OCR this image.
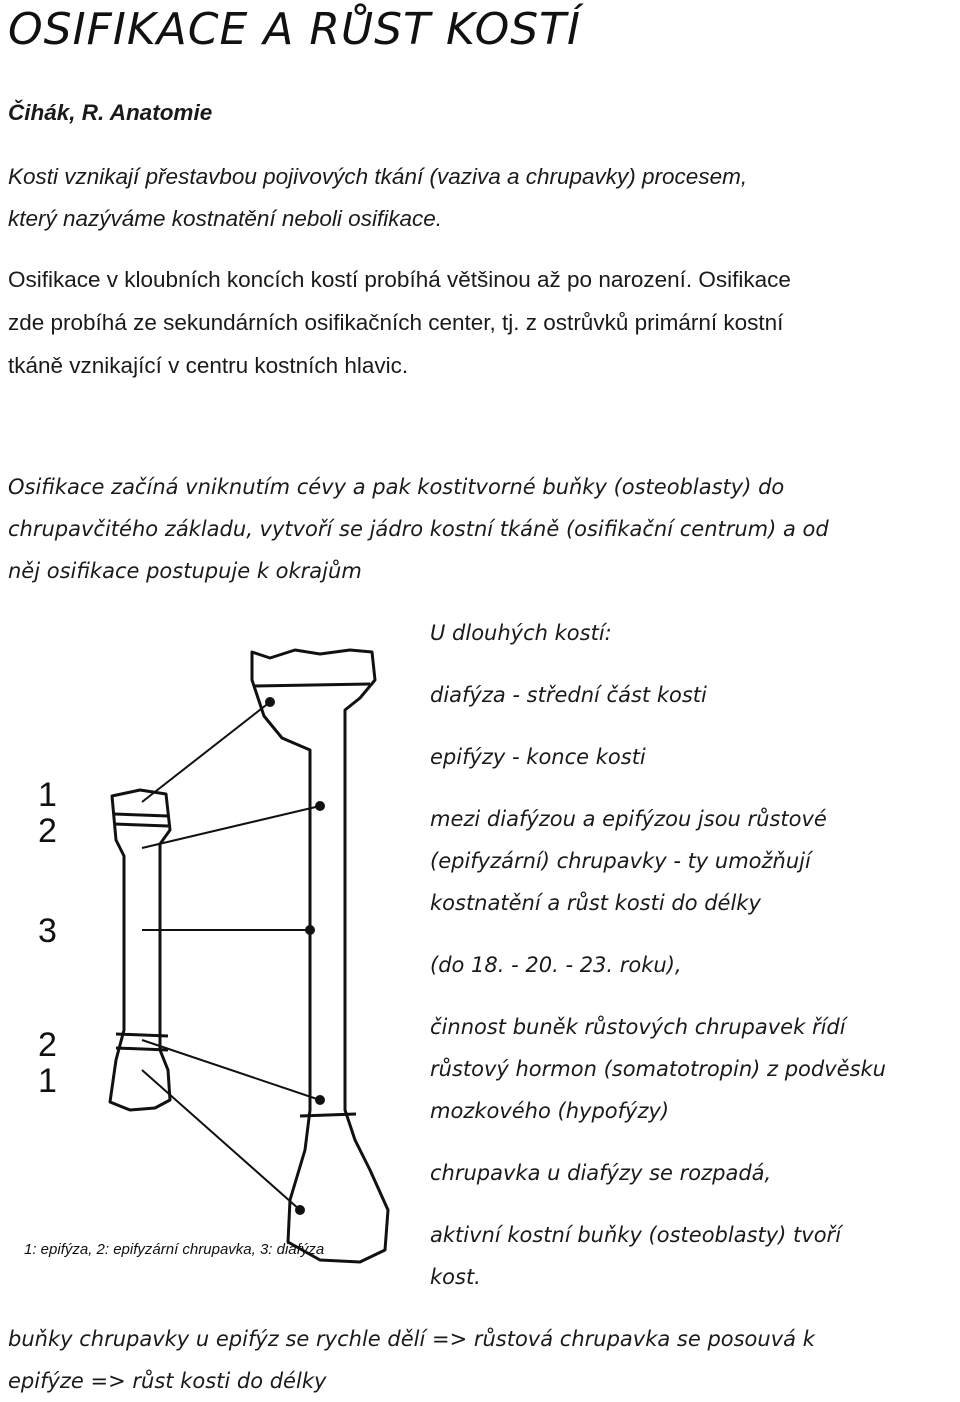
OSIFIKACE A RŮST KOSTÍ

Čihák, R. Anatomie

Kosti vznikají přestavbou pojivových tkání (vaziva a chrupavky) procesem,
který nazýváme kostnatění neboli osifikace.
Osifikace v kloubních koncích kostí probíhá většinou až po narození. Osifikace
zde probíhá ze sekundárních osifikačních center, tj. z ostrůvků primární kostní
tkáně vznikající v centru kostních hlavic.
Osifikace začíná vniknutím cévy a pak kostitvorné buňky (osteoblasty) do
chrupavčitého základu, vytvoří se jádro kostní tkáně (osifikační centrum) a od
něj osifikace postupuje k okrajům
1
2
3
2
1
1: epifýza, 2: epifyzární chrupavka, 3: diafýza
U dlouhých kostí:
diafýza - střední část kosti
epifýzy - konce kosti
mezi diafýzou a epifýzou jsou růstové
(epifyzární) chrupavky - ty umožňují
kostnatění a růst kosti do délky
(do 18. - 20. - 23. roku),
činnost buněk růstových chrupavek řídí
růstový hormon (somatotropin) z podvěsku
mozkového (hypofýzy)
chrupavka u diafýzy se rozpadá,
aktivní kostní buňky (osteoblasty) tvoří
kost.
buňky chrupavky u epifýz se rychle dělí => růstová chrupavka se posouvá k
epifýze => růst kosti do délky
